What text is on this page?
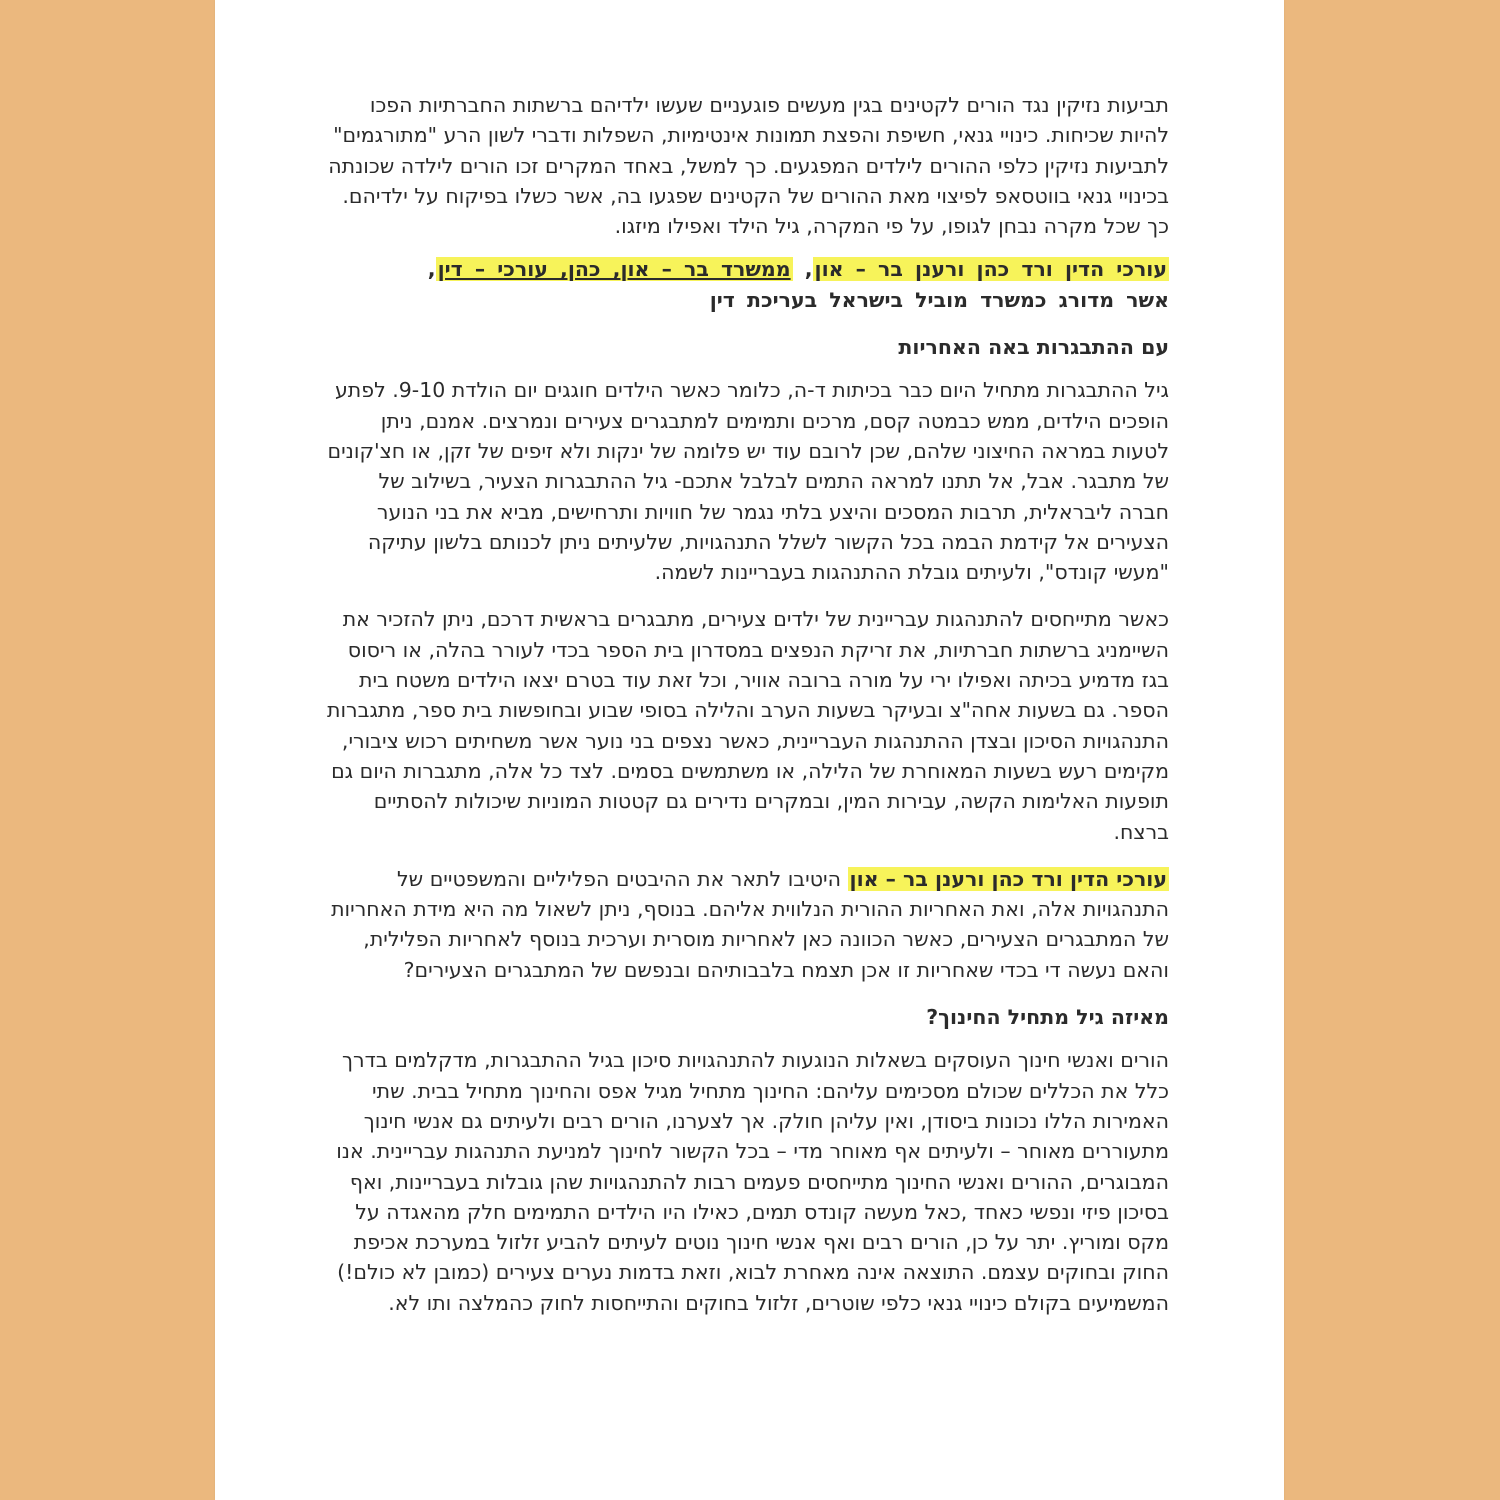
תביעות נזיקין נגד הורים לקטינים בגין מעשים פוגעניים שעשו ילדיהם ברשתות החברתיות הפכו להיות שכיחות. כינויי גנאי, חשיפת והפצת תמונות אינטימיות, השפלות ודברי לשון הרע "מתורגמים" לתביעות נזיקין כלפי ההורים לילדים המפגעים. כך למשל, באחד המקרים זכו הורים לילדה שכונתה בכינויי גנאי בווטסאפ לפיצוי מאת ההורים של הקטינים שפגעו בה, אשר כשלו בפיקוח על ילדיהם. כך שכל מקרה נבחן לגופו, על פי המקרה, גיל הילד ואפילו מיזגו.

עורכי הדין ורד כהן ורענן בר – און, ממשרד בר – און, כהן, עורכי – דין,

אשר מדורג כמשרד מוביל בישראל בעריכת דין

עם ההתבגרות באה האחריות

גיל ההתבגרות מתחיל היום כבר בכיתות ד-ה, כלומר כאשר הילדים חוגגים יום הולדת 9-10. לפתע הופכים הילדים, ממש כבמטה קסם, מרכים ותמימים למתבגרים צעירים ונמרצים. אמנם, ניתן לטעות במראה החיצוני שלהם, שכן לרובם עוד יש פלומה של ינקות ולא זיפים של זקן, או חצ'קונים של מתבגר. אבל, אל תתנו למראה התמים לבלבל אתכם- גיל ההתבגרות הצעיר, בשילוב של חברה ליבראלית, תרבות המסכים והיצע בלתי נגמר של חוויות ותרחישים, מביא את בני הנוער הצעירים אל קידמת הבמה בכל הקשור לשלל התנהגויות, שלעיתים ניתן לכנותם בלשון עתיקה "מעשי קונדס", ולעיתים גובלת ההתנהגות בעבריינות לשמה.

כאשר מתייחסים להתנהגות עבריינית של ילדים צעירים, מתבגרים בראשית דרכם, ניתן להזכיר את השיימניג ברשתות חברתיות, את זריקת הנפצים במסדרון בית הספר בכדי לעורר בהלה, או ריסוס בגז מדמיע בכיתה ואפילו ירי על מורה ברובה אוויר, וכל זאת עוד בטרם יצאו הילדים משטח בית הספר. גם בשעות אחה"צ ובעיקר בשעות הערב והלילה בסופי שבוע ובחופשות בית ספר, מתגברות התנהגויות הסיכון ובצדן ההתנהגות העבריינית, כאשר נצפים בני נוער אשר משחיתים רכוש ציבורי, מקימים רעש בשעות המאוחרת של הלילה, או משתמשים בסמים. לצד כל אלה, מתגברות היום גם תופעות האלימות הקשה, עבירות המין, ובמקרים נדירים גם קטטות המוניות שיכולות להסתיים ברצח.

עורכי הדין ורד כהן ורענן בר – און היטיבו לתאר את ההיבטים הפליליים והמשפטיים של התנהגויות אלה, ואת האחריות ההורית הנלווית אליהם. בנוסף, ניתן לשאול מה היא מידת האחריות של המתבגרים הצעירים, כאשר הכוונה כאן לאחריות מוסרית וערכית בנוסף לאחריות הפלילית, והאם נעשה די בכדי שאחריות זו אכן תצמח בלבבותיהם ובנפשם של המתבגרים הצעירים?

מאיזה גיל מתחיל החינוך?

הורים ואנשי חינוך העוסקים בשאלות הנוגעות להתנהגויות סיכון בגיל ההתבגרות, מדקלמים בדרך כלל את הכללים שכולם מסכימים עליהם: החינוך מתחיל מגיל אפס והחינוך מתחיל בבית. שתי האמירות הללו נכונות ביסודן, ואין עליהן חולק. אך לצערנו, הורים רבים ולעיתים גם אנשי חינוך מתעוררים מאוחר – ולעיתים אף מאוחר מדי – בכל הקשור לחינוך למניעת התנהגות עבריינית. אנו המבוגרים, ההורים ואנשי החינוך מתייחסים פעמים רבות להתנהגויות שהן גובלות בעבריינות, ואף בסיכון פיזי ונפשי כאחד ,כאל מעשה קונדס תמים, כאילו היו הילדים התמימים חלק מהאגדה על מקס ומוריץ. יתר על כן, הורים רבים ואף אנשי חינוך נוטים לעיתים להביע זלזול במערכת אכיפת החוק ובחוקים עצמם. התוצאה אינה מאחרת לבוא, וזאת בדמות נערים צעירים (כמובן לא כולם!) המשמיעים בקולם כינויי גנאי כלפי שוטרים, זלזול בחוקים והתייחסות לחוק כהמלצה ותו לא.
